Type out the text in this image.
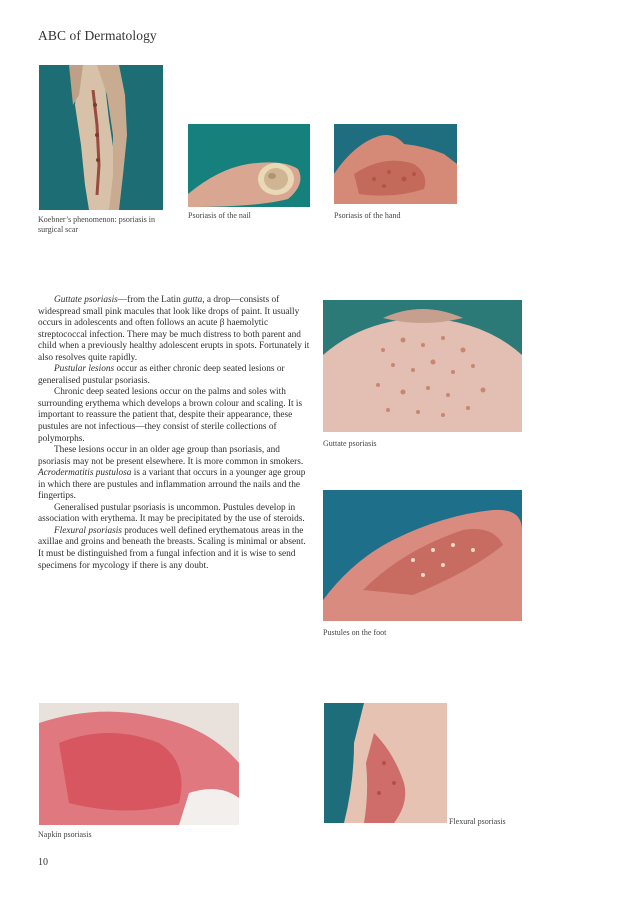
ABC of Dermatology
Koebner’s phenomenon: psoriasis in surgical scar
Psoriasis of the nail	Psoriasis of the hand

Guttate psoriasis—from the Latin gutta, a drop—consists of widespread small pink macules that look like drops of paint. It usually occurs in adolescents and often follows an acute β haemolytic streptococcal infection. There may be much distress to both parent and child when a previously healthy adolescent erupts in spots. Fortunately it also resolves quite rapidly.

Pustular lesions occur as either chronic deep seated lesions or generalised pustular psoriasis.

Chronic deep seated lesions occur on the palms and soles with surrounding erythema which develops a brown colour and scaling. It is important to reassure the patient that, despite their appearance, these pustules are not infectious—they consist of sterile collections of polymorphs.

These lesions occur in an older age group than psoriasis, and psoriasis may not be present elsewhere. It is more common in smokers. Acrodermatitis pustulosa is a variant that occurs in a younger age group in which there are pustules and inflammation arround the nails and the fingertips.

Generalised pustular psoriasis is uncommon. Pustules develop in association with erythema. It may be precipitated by the use of steroids.

Flexural psoriasis produces well defined erythematous areas in the axillae and groins and beneath the breasts. Scaling is minimal or absent. It must be distinguished from a fungal infection and it is wise to send specimens for mycology if there is any doubt.

Guttate psoriasis
Pustules on the foot
Napkin psoriasis
Flexural psoriasis
10
